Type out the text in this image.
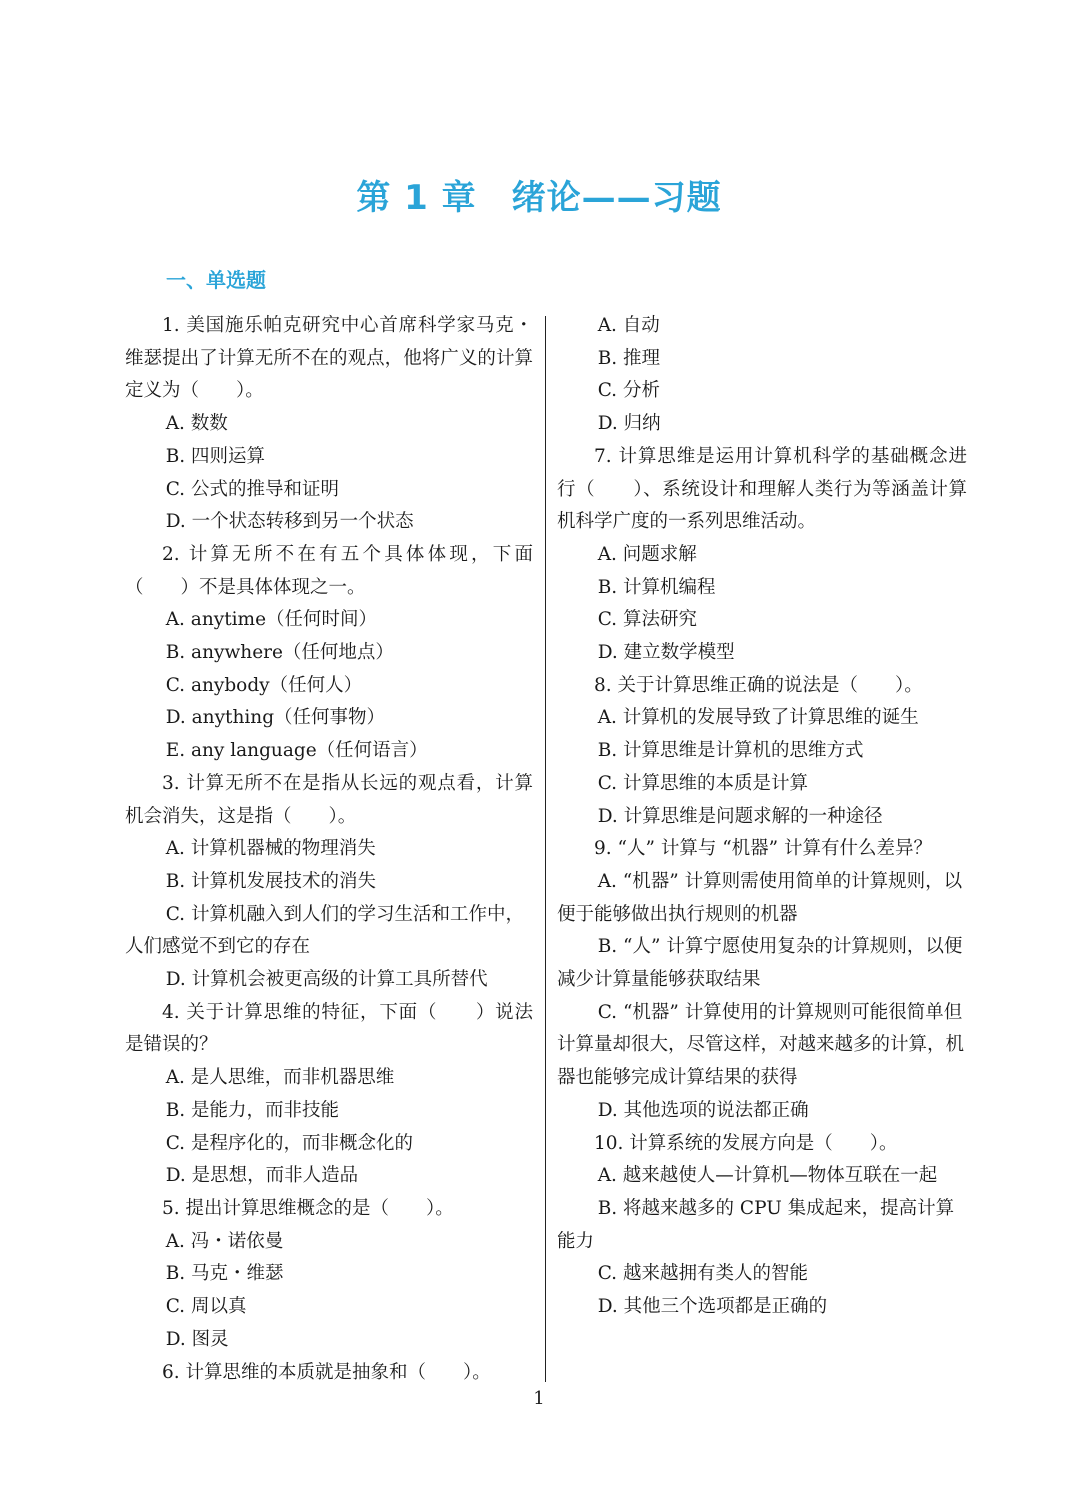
第 1 章　绪论——习题
一、单选题

1. 美国施乐帕克研究中心首席科学家马克・维瑟提出了计算无所不在的观点，他将广义的计算定义为（　　）。

A. 数数

B. 四则运算

C. 公式的推导和证明

D. 一个状态转移到另一个状态

2. 计算无所不在有五个具体体现，下面（　　）不是具体体现之一。

A. anytime（任何时间）

B. anywhere（任何地点）

C. anybody（任何人）

D. anything（任何事物）

E. any language（任何语言）

3. 计算无所不在是指从长远的观点看，计算机会消失，这是指（　　）。

A. 计算机器械的物理消失

B. 计算机发展技术的消失

C. 计算机融入到人们的学习生活和工作中，人们感觉不到它的存在

D. 计算机会被更高级的计算工具所替代

4. 关于计算思维的特征，下面（　　）说法是错误的？

A. 是人思维，而非机器思维

B. 是能力，而非技能

C. 是程序化的，而非概念化的

D. 是思想，而非人造品

5. 提出计算思维概念的是（　　）。

A. 冯・诺依曼

B. 马克・维瑟

C. 周以真

D. 图灵

6. 计算思维的本质就是抽象和（　　）。

A. 自动

B. 推理

C. 分析

D. 归纳

7. 计算思维是运用计算机科学的基础概念进行（　　）、系统设计和理解人类行为等涵盖计算机科学广度的一系列思维活动。

A. 问题求解

B. 计算机编程

C. 算法研究

D. 建立数学模型

8. 关于计算思维正确的说法是（　　）。

A. 计算机的发展导致了计算思维的诞生

B. 计算思维是计算机的思维方式

C. 计算思维的本质是计算

D. 计算思维是问题求解的一种途径

9. “人” 计算与 “机器” 计算有什么差异？

A. “机器” 计算则需使用简单的计算规则，以便于能够做出执行规则的机器

B. “人” 计算宁愿使用复杂的计算规则，以便减少计算量能够获取结果

C. “机器” 计算使用的计算规则可能很简单但计算量却很大，尽管这样，对越来越多的计算，机器也能够完成计算结果的获得

D. 其他选项的说法都正确

10. 计算系统的发展方向是（　　）。

A. 越来越使人—计算机—物体互联在一起

B. 将越来越多的 CPU 集成起来，提高计算能力

C. 越来越拥有类人的智能

D. 其他三个选项都是正确的

1
